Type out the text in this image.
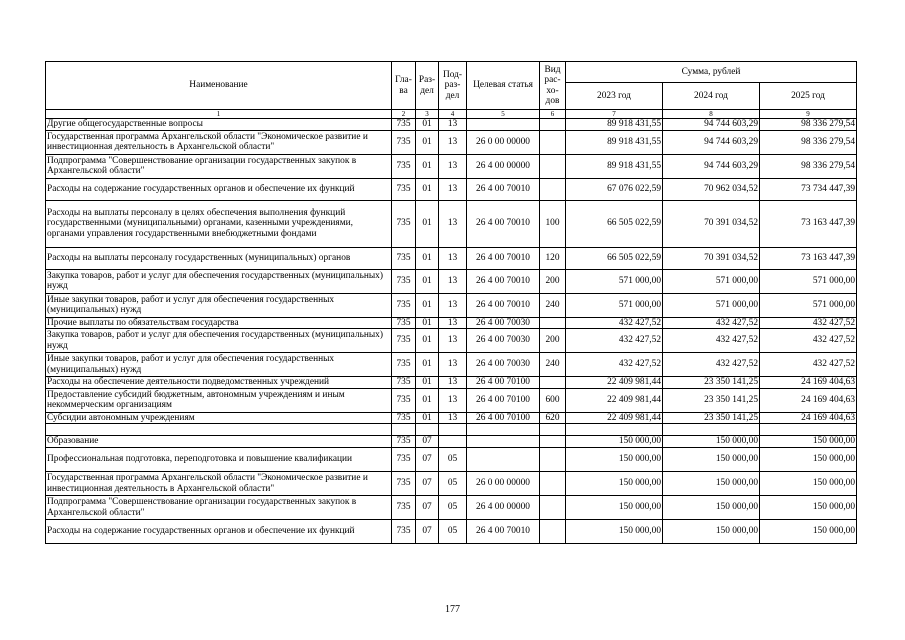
Наименование	Гла-ва	Раз-дел	Под-раз-дел	Целевая статья	Вид рас-хо-дов	Сумма, рублей		
						2023 год	2024 год	2025 год
1	2	3	4	5	6	7	8	9
Другие общегосударственные вопросы	735	01	13			89 918 431,55	94 744 603,29	98 336 279,54
Государственная программа Архангельской области "Экономическое развитие и инвестиционная деятельность в Архангельской области"	735	01	13	26 0 00 00000		89 918 431,55	94 744 603,29	98 336 279,54
Подпрограмма "Совершенствование организации государственных закупок в Архангельской области"	735	01	13	26 4 00 00000		89 918 431,55	94 744 603,29	98 336 279,54
Расходы на содержание государственных органов и обеспечение их функций	735	01	13	26 4 00 70010		67 076 022,59	70 962 034,52	73 734 447,39
Расходы на выплаты персоналу в целях обеспечения выполнения функций государственными (муниципальными) органами, казенными учреждениями, органами управления государственными внебюджетными фондами	735	01	13	26 4 00 70010	100	66 505 022,59	70 391 034,52	73 163 447,39
Расходы на выплаты персоналу государственных (муниципальных) органов	735	01	13	26 4 00 70010	120	66 505 022,59	70 391 034,52	73 163 447,39
Закупка товаров, работ и услуг для обеспечения государственных (муниципальных) нужд	735	01	13	26 4 00 70010	200	571 000,00	571 000,00	571 000,00
Иные закупки товаров, работ и услуг для обеспечения государственных (муниципальных) нужд	735	01	13	26 4 00 70010	240	571 000,00	571 000,00	571 000,00
Прочие выплаты по обязательствам государства	735	01	13	26 4 00 70030		432 427,52	432 427,52	432 427,52
Закупка товаров, работ и услуг для обеспечения государственных (муниципальных) нужд	735	01	13	26 4 00 70030	200	432 427,52	432 427,52	432 427,52
Иные закупки товаров, работ и услуг для обеспечения государственных (муниципальных) нужд	735	01	13	26 4 00 70030	240	432 427,52	432 427,52	432 427,52
Расходы на обеспечение деятельности подведомственных учреждений	735	01	13	26 4 00 70100		22 409 981,44	23 350 141,25	24 169 404,63
Предоставление субсидий бюджетным, автономным учреждениям и иным некоммерческим организациям	735	01	13	26 4 00 70100	600	22 409 981,44	23 350 141,25	24 169 404,63
Субсидии автономным учреждениям	735	01	13	26 4 00 70100	620	22 409 981,44	23 350 141,25	24 169 404,63

Образование	735	07				150 000,00	150 000,00	150 000,00
Профессиональная подготовка, переподготовка и повышение квалификации	735	07	05			150 000,00	150 000,00	150 000,00
Государственная программа Архангельской области "Экономическое развитие и инвестиционная деятельность в Архангельской области"	735	07	05	26 0 00 00000		150 000,00	150 000,00	150 000,00
Подпрограмма "Совершенствование организации государственных закупок в Архангельской области"	735	07	05	26 4 00 00000		150 000,00	150 000,00	150 000,00
Расходы на содержание государственных органов и обеспечение их функций	735	07	05	26 4 00 70010		150 000,00	150 000,00	150 000,00
177
